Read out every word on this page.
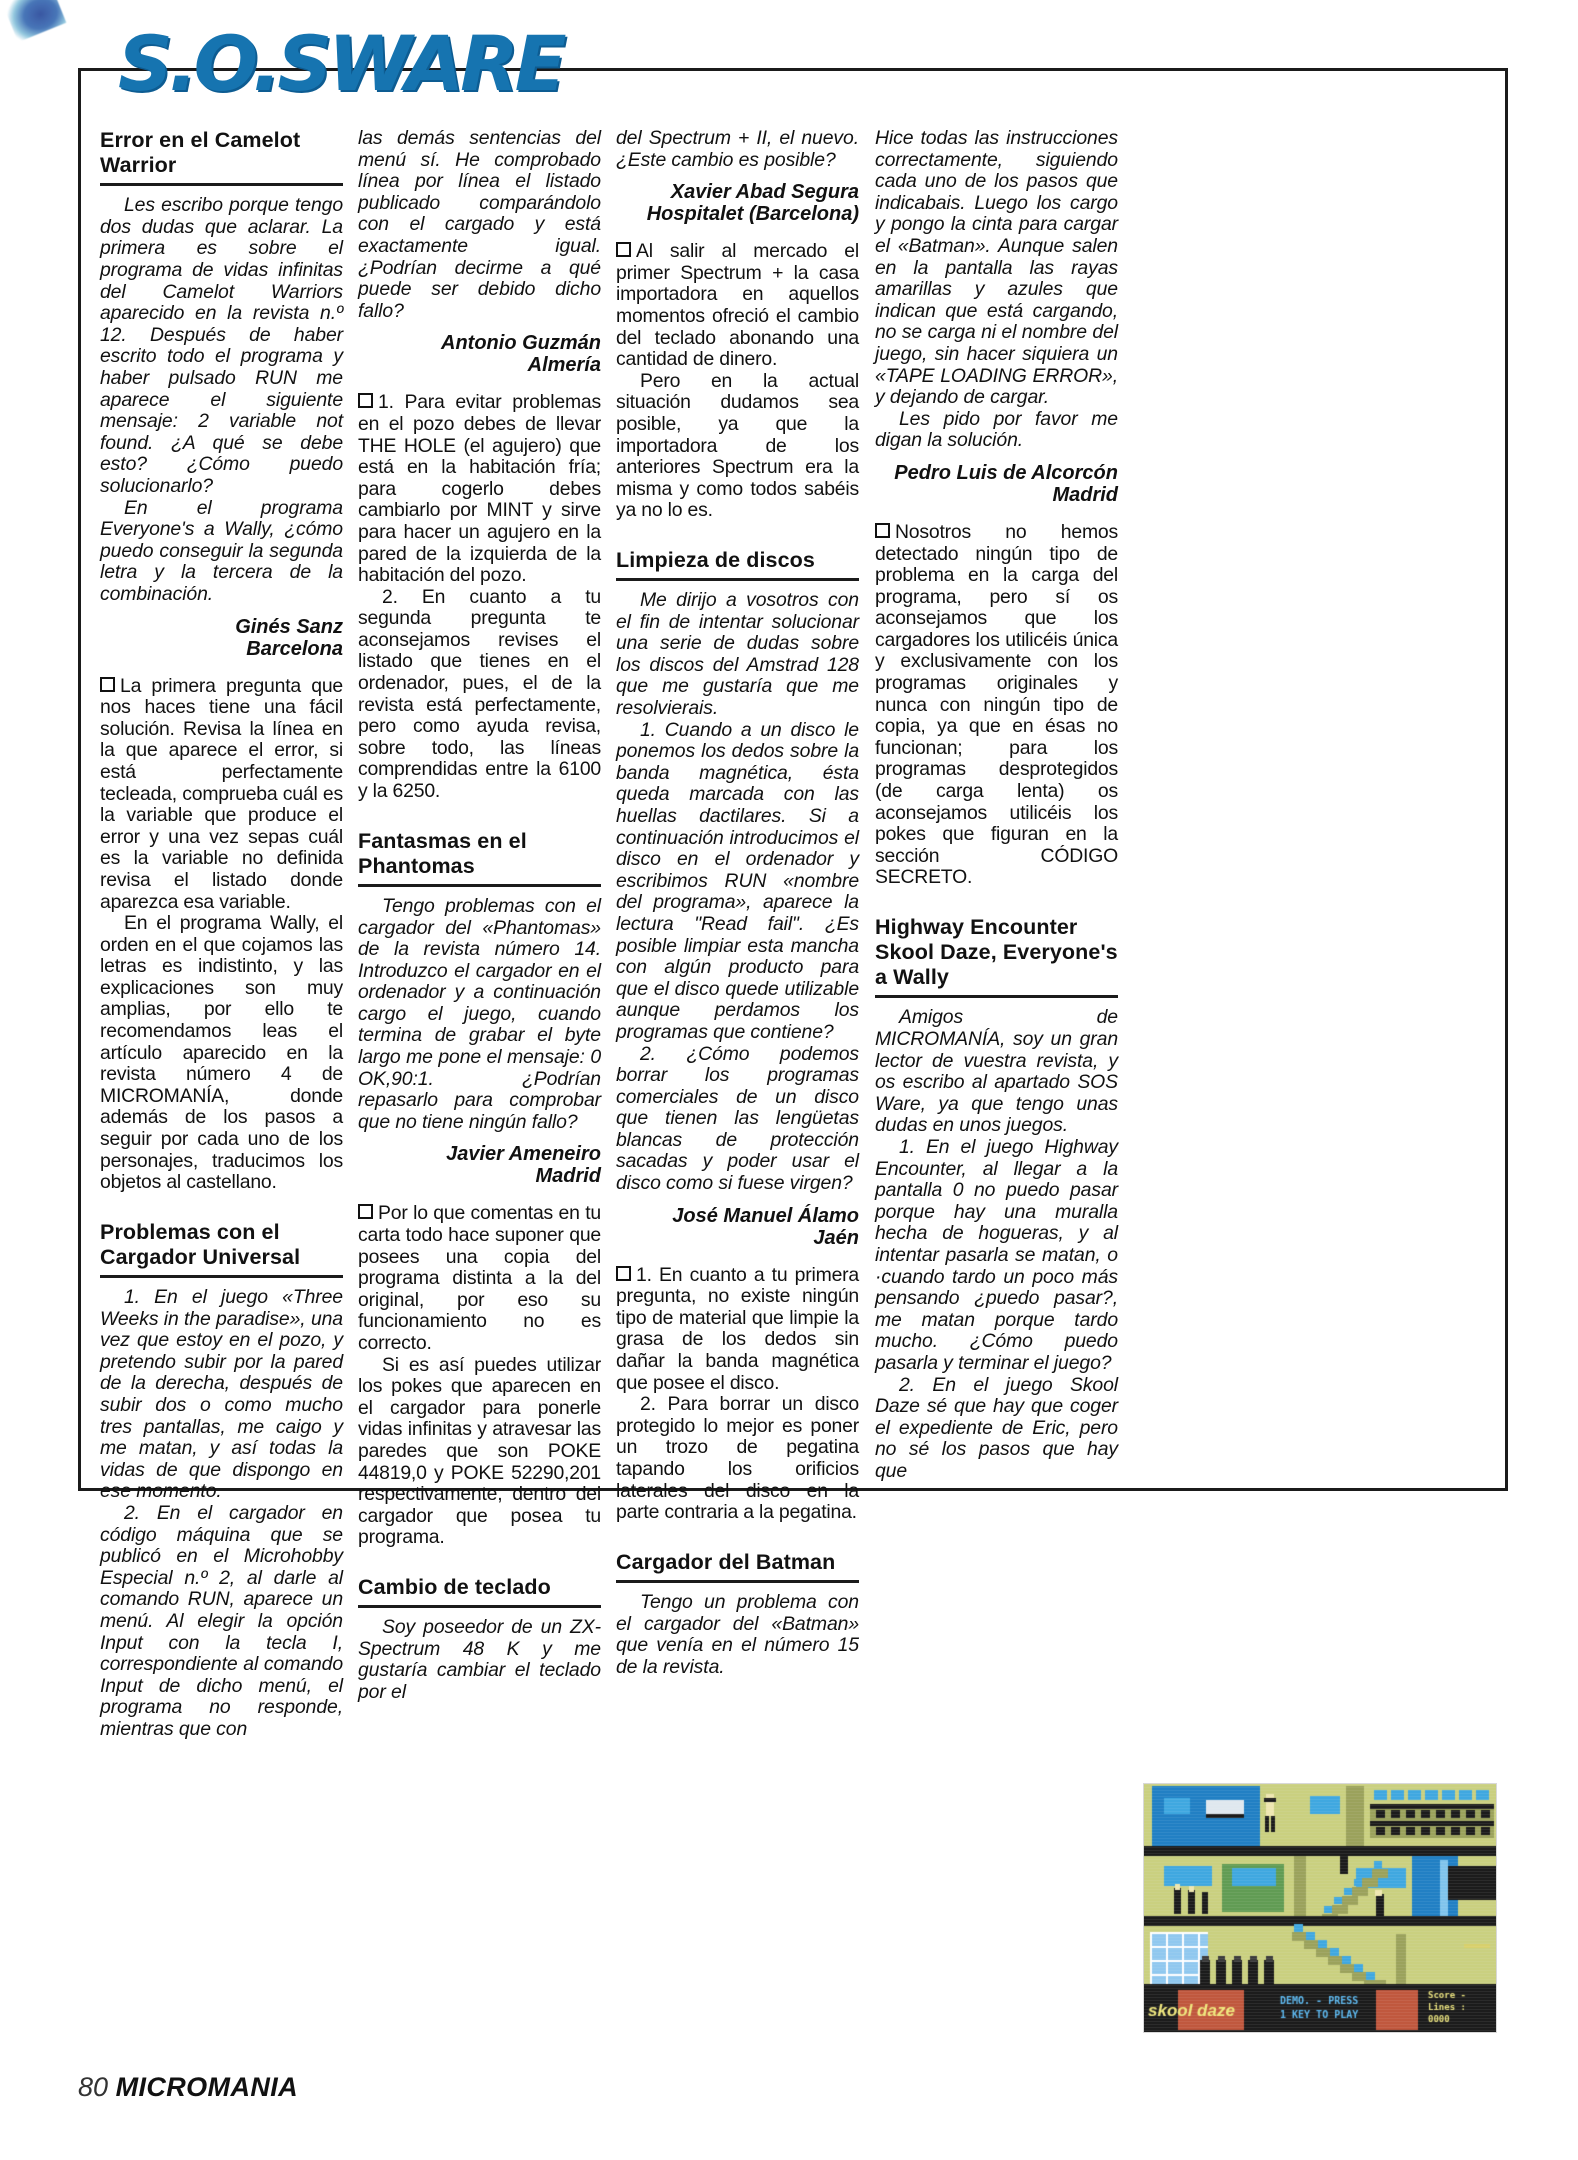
S.O.SWARE
Error en el Camelot Warrior

Les escribo porque tengo dos dudas que aclarar. La primera es sobre el programa de vidas infinitas del Camelot Warriors aparecido en la revista n.º 12. Después de haber escrito todo el programa y haber pulsado RUN me aparece el siguiente mensaje: 2 variable not found. ¿A qué se debe esto? ¿Cómo puedo solucionarlo?

En el programa Everyone's a Wally, ¿cómo puedo conseguir la segunda letra y la tercera de la combinación.

Ginés Sanz
Barcelona

La primera pregunta que nos haces tiene una fácil solución. Revisa la línea en la que aparece el error, si está perfectamente tecleada, comprueba cuál es la variable que produce el error y una vez sepas cuál es la variable no definida revisa el listado donde aparezca esa variable.

En el programa Wally, el orden en el que cojamos las letras es indistinto, y las explicaciones son muy amplias, por ello te recomendamos leas el artículo aparecido en la revista número 4 de MICROMANÍA, donde además de los pasos a seguir por cada uno de los personajes, traducimos los objetos al castellano.

Problemas con el Cargador Universal

1. En el juego «Three Weeks in the paradise», una vez que estoy en el pozo, y pretendo subir por la pared de la derecha, después de subir dos o como mucho tres pantallas, me caigo y me matan, y así todas la vidas de que dispongo en ese momento.

2. En el cargador en código máquina que se publicó en el Microhobby Especial n.º 2, al darle al comando RUN, aparece un menú. Al elegir la opción Input con la tecla I, correspondiente al comando Input de dicho menú, el programa no responde, mientras que con

las demás sentencias del menú sí. He comprobado línea por línea el listado publicado comparándolo con el cargado y está exactamente igual. ¿Podrían decirme a qué puede ser debido dicho fallo?

Antonio Guzmán
Almería

1. Para evitar problemas en el pozo debes de llevar THE HOLE (el agujero) que está en la habitación fría; para cogerlo debes cambiarlo por MINT y sirve para hacer un agujero en la pared de la izquierda de la habitación del pozo.

2. En cuanto a tu segunda pregunta te aconsejamos revises el listado que tienes en el ordenador, pues, el de la revista está perfectamente, pero como ayuda revisa, sobre todo, las líneas comprendidas entre la 6100 y la 6250.

Fantasmas en el Phantomas

Tengo problemas con el cargador del «Phantomas» de la revista número 14. Introduzco el cargador en el ordenador y a continuación cargo el juego, cuando termina de grabar el byte largo me pone el mensaje: 0 OK,90:1. ¿Podrían repasarlo para comprobar que no tiene ningún fallo?

Javier Ameneiro
Madrid

Por lo que comentas en tu carta todo hace suponer que posees una copia del programa distinta a la del original, por eso su funcionamiento no es correcto.

Si es así puedes utilizar los pokes que aparecen en el cargador para ponerle vidas infinitas y atravesar las paredes que son POKE 44819,0 y POKE 52290,201 respectivamente, dentro del cargador que posea tu programa.

Cambio de teclado

Soy poseedor de un ZX-Spectrum 48 K y me gustaría cambiar el teclado por el

del Spectrum + II, el nuevo. ¿Este cambio es posible?

Xavier Abad Segura
Hospitalet (Barcelona)

Al salir al mercado el primer Spectrum + la casa importadora en aquellos momentos ofreció el cambio del teclado abonando una cantidad de dinero.

Pero en la actual situación dudamos sea posible, ya que la importadora de los anteriores Spectrum era la misma y como todos sabéis ya no lo es.

Limpieza de discos

Me dirijo a vosotros con el fin de intentar solucionar una serie de dudas sobre los discos del Amstrad 128 que me gustaría que me resolvierais.

1. Cuando a un disco le ponemos los dedos sobre la banda magnética, ésta queda marcada con las huellas dactilares. Si a continuación introducimos el disco en el ordenador y escribimos RUN «nombre del programa», aparece la lectura "Read fail". ¿Es posible limpiar esta mancha con algún producto para que el disco quede utilizable aunque perdamos los programas que contiene?

2. ¿Cómo podemos borrar los programas comerciales de un disco que tienen las lengüetas blancas de protección sacadas y poder usar el disco como si fuese virgen?

José Manuel Álamo
Jaén

1. En cuanto a tu primera pregunta, no existe ningún tipo de material que limpie la grasa de los dedos sin dañar la banda magnética que posee el disco.

2. Para borrar un disco protegido lo mejor es poner un trozo de pegatina tapando los orificios laterales del disco en la parte contraria a la pegatina.

Cargador del Batman

Tengo un problema con el cargador del «Batman» que venía en el número 15 de la revista.

Hice todas las instrucciones correctamente, siguiendo cada uno de los pasos que indicabais. Luego los cargo y pongo la cinta para cargar el «Batman». Aunque salen en la pantalla las rayas amarillas y azules que indican que está cargando, no se carga ni el nombre del juego, sin hacer siquiera un «TAPE LOADING ERROR», y dejando de cargar.

Les pido por favor me digan la solución.

Pedro Luis de Alcorcón
Madrid

Nosotros no hemos detectado ningún tipo de problema en la carga del programa, pero sí os aconsejamos que los cargadores los utilicéis única y exclusivamente con los programas originales y nunca con ningún tipo de copia, ya que en ésas no funcionan; para los programas desprotegidos (de carga lenta) os aconsejamos utilicéis los pokes que figuran en la sección CÓDIGO SECRETO.

Highway Encounter Skool Daze, Everyone's a Wally

Amigos de MICROMANÍA, soy un gran lector de vuestra revista, y os escribo al apartado SOS Ware, ya que tengo unas dudas en unos juegos.

1. En el juego Highway Encounter, al llegar a la pantalla 0 no puedo pasar porque hay una muralla hecha de hogueras, y al intentar pasarla se matan, o ·cuando tardo un poco más pensando ¿puedo pasar?, me matan porque tardo mucho. ¿Cómo puedo pasarla y terminar el juego?

2. En el juego Skool Daze sé que hay que coger el expediente de Eric, pero no sé los pasos que hay que

80 MICROMANIA
